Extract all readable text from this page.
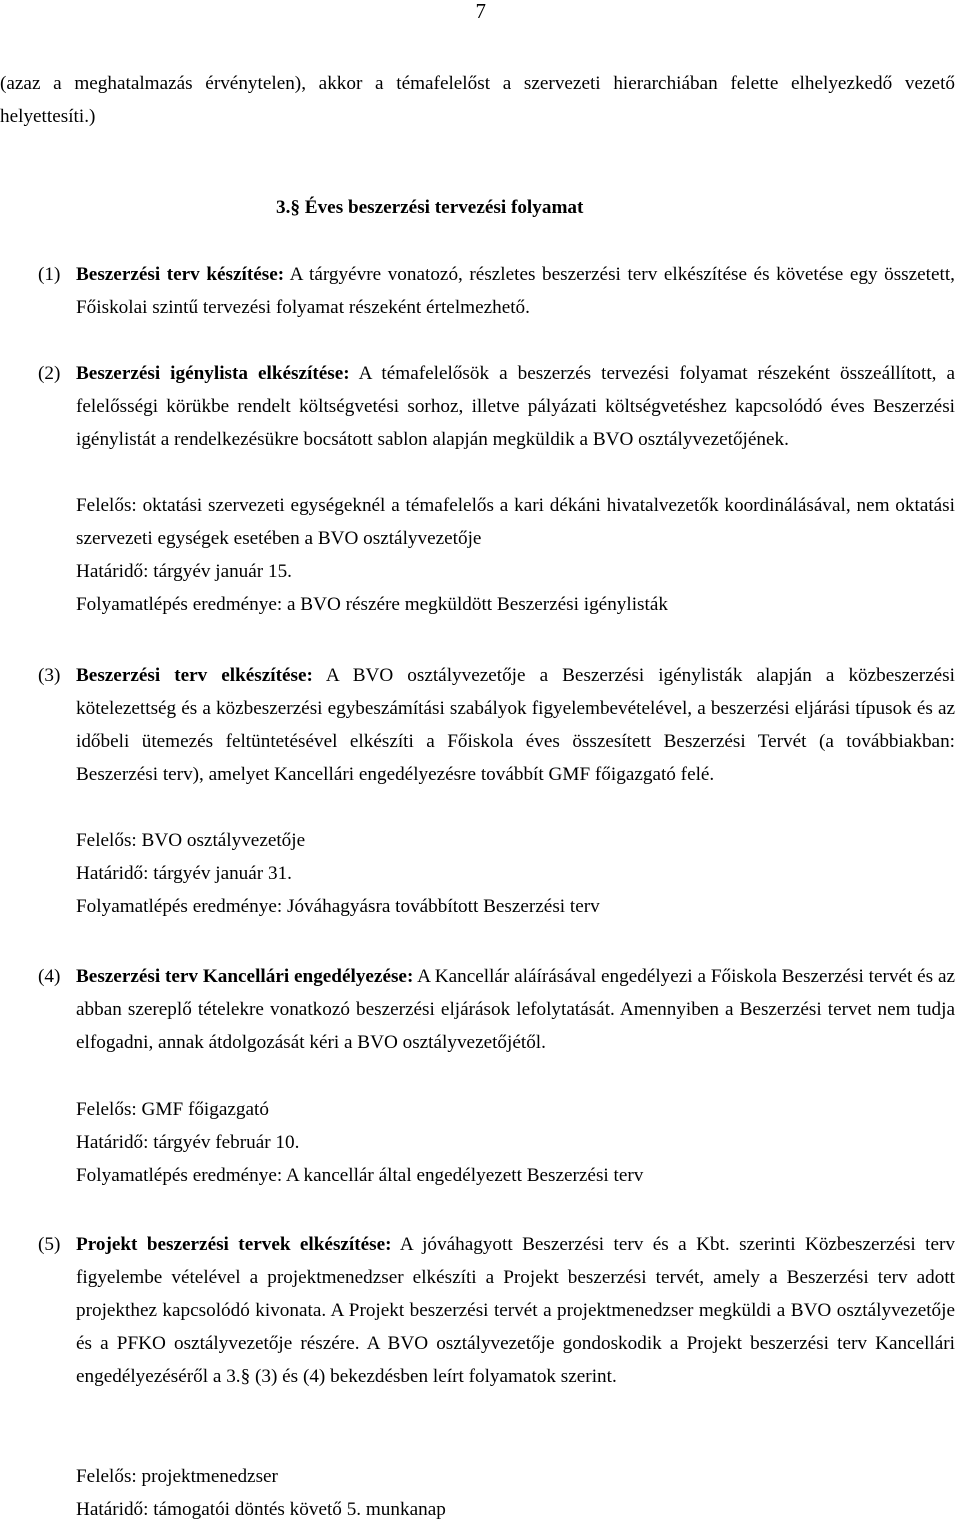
7

(azaz a meghatalmazás érvénytelen), akkor a témafelelőst a szervezeti hierarchiában felette elhelyezkedő vezető helyettesíti.)

3.§ Éves beszerzési tervezési folyamat
(1) Beszerzési terv készítése: A tárgyévre vonatozó, részletes beszerzési terv elkészítése és követése egy összetett, Főiskolai szintű tervezési folyamat részeként értelmezhető.
(2) Beszerzési igénylista elkészítése: A témafelelősök a beszerzés tervezési folyamat részeként összeállított, a felelősségi körükbe rendelt költségvetési sorhoz, illetve pályázati költségvetéshez kapcsolódó éves Beszerzési igénylistát a rendelkezésükre bocsátott sablon alapján megküldik a BVO osztályvezetőjének.
Felelős: oktatási szervezeti egységeknél a témafelelős a kari dékáni hivatalvezetők koordinálásával, nem oktatási szervezeti egységek esetében a BVO osztályvezetője
Határidő: tárgyév január 15.
Folyamatlépés eredménye: a BVO részére megküldött Beszerzési igénylisták
(3) Beszerzési terv elkészítése: A BVO osztályvezetője a Beszerzési igénylisták alapján a közbeszerzési kötelezettség és a közbeszerzési egybeszámítási szabályok figyelembevételével, a beszerzési eljárási típusok és az időbeli ütemezés feltüntetésével elkészíti a Főiskola éves összesített Beszerzési Tervét (a továbbiakban: Beszerzési terv), amelyet Kancellári engedélyezésre továbbít GMF főigazgató felé.
Felelős: BVO osztályvezetője
Határidő: tárgyév január 31.
Folyamatlépés eredménye: Jóváhagyásra továbbított Beszerzési terv
(4) Beszerzési terv Kancellári engedélyezése: A Kancellár aláírásával engedélyezi a Főiskola Beszerzési tervét és az abban szereplő tételekre vonatkozó beszerzési eljárások lefolytatását. Amennyiben a Beszerzési tervet nem tudja elfogadni, annak átdolgozását kéri a BVO osztályvezetőjétől.
Felelős: GMF főigazgató
Határidő: tárgyév február 10.
Folyamatlépés eredménye: A kancellár által engedélyezett Beszerzési terv
(5) Projekt beszerzési tervek elkészítése: A jóváhagyott Beszerzési terv és a Kbt. szerinti Közbeszerzési terv figyelembe vételével a projektmenedzser elkészíti a Projekt beszerzési tervét, amely a Beszerzési terv adott projekthez kapcsolódó kivonata. A Projekt beszerzési tervét a projektmenedzser megküldi a BVO osztályvezetője és a PFKO osztályvezetője részére. A BVO osztályvezetője gondoskodik a Projekt beszerzési terv Kancellári engedélyezéséről a 3.§ (3) és (4) bekezdésben leírt folyamatok szerint.
Felelős: projektmenedzser
Határidő: támogatói döntés követő 5. munkanap
